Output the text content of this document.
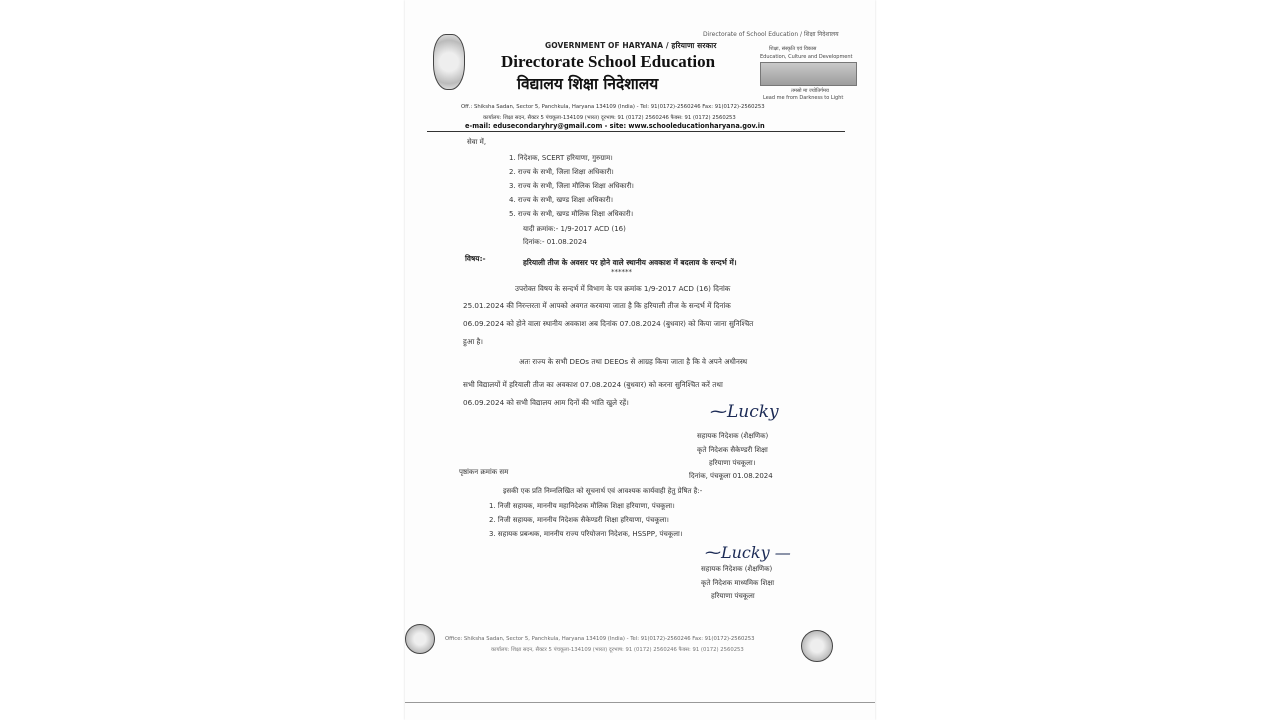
Directorate of School Education / शिक्षा निदेशालय
GOVERNMENT OF HARYANA / हरियाणा सरकार
Directorate School Education
विद्यालय शिक्षा निदेशालय
शिक्षा, संस्कृति एवं विकास
Education, Culture and Development
तमसो मा ज्योतिर्गमय
Lead me from Darkness to Light
Off.: Shiksha Sadan, Sector 5, Panchkula, Haryana 134109 (India) - Tel: 91(0172)-2560246 Fax: 91(0172)-2560253
कार्यालय: शिक्षा सदन, सैक्टर 5 पंचकूला-134109 (भारत) दूरभाष: 91 (0172) 2560246 फैक्स: 91 (0172) 2560253
e-mail: edusecondaryhry@gmail.com - site: www.schooleducationharyana.gov.in
सेवा में,
1. निदेशक, SCERT हरियाणा, गुरुग्राम।
2. राज्य के सभी, जिला शिक्षा अधिकारी।
3. राज्य के सभी, जिला मौलिक शिक्षा अधिकारी।
4. राज्य के सभी, खण्ड शिक्षा अधिकारी।
5. राज्य के सभी, खण्ड मौलिक शिक्षा अधिकारी।
यादी क्रमांक:- 1/9-2017 ACD (16)
दिनांक:- 01.08.2024
विषय:-	हरियाली तीज के अवसर पर होने वाले स्थानीय अवकाश में बदलाव के सन्दर्भ में।
******
उपरोक्त विषय के सन्दर्भ में विभाग के पत्र क्रमांक 1/9-2017 ACD (16) दिनांक
25.01.2024 की निरन्तरता में आपको अवगत करवाया जाता है कि हरियाली तीज के सन्दर्भ में दिनांक
06.09.2024 को होने वाला स्थानीय अवकाश अब दिनांक 07.08.2024 (बुधवार) को किया जाना सुनिश्चित
हुआ है।
अतः राज्य के सभी DEOs तथा DEEOs से आग्रह किया जाता है कि वे अपने अधीनस्थ
सभी विद्यालयों में हरियाली तीज का अवकाश 07.08.2024 (बुधवार) को करना सुनिश्चित करें तथा
06.09.2024 को सभी विद्यालय आम दिनों की भांति खुले रहें।	⁓Lucky
सहायक निदेशक (शैक्षणिक)
कृते निदेशक सैकेण्डरी शिक्षा
हरियाणा पंचकूला।
पृष्ठांकन क्रमांक सम	दिनांक, पंचकूला 01.08.2024
इसकी एक प्रति निम्नलिखित को सूचनार्थ एवं आवश्यक कार्यवाही हेतु प्रेषित है:-
1. निजी सहायक, माननीय महानिदेशक मौलिक शिक्षा हरियाणा, पंचकूला।
2. निजी सहायक, माननीय निदेशक सैकेण्डरी शिक्षा हरियाणा, पंचकूला।
3. सहायक प्रबन्धक, माननीय राज्य परियोजना निदेशक, HSSPP, पंचकूला।
⁓Lucky —
सहायक निदेशक (शैक्षणिक)
कृते निदेशक माध्यमिक शिक्षा
हरियाणा पंचकूला
Office: Shiksha Sadan, Sector 5, Panchkula, Haryana 134109 (India) - Tel: 91(0172)-2560246 Fax: 91(0172)-2560253
कार्यालय: शिक्षा सदन, सैक्टर 5 पंचकूला-134109 (भारत) दूरभाष: 91 (0172) 2560246 फैक्स: 91 (0172) 2560253
